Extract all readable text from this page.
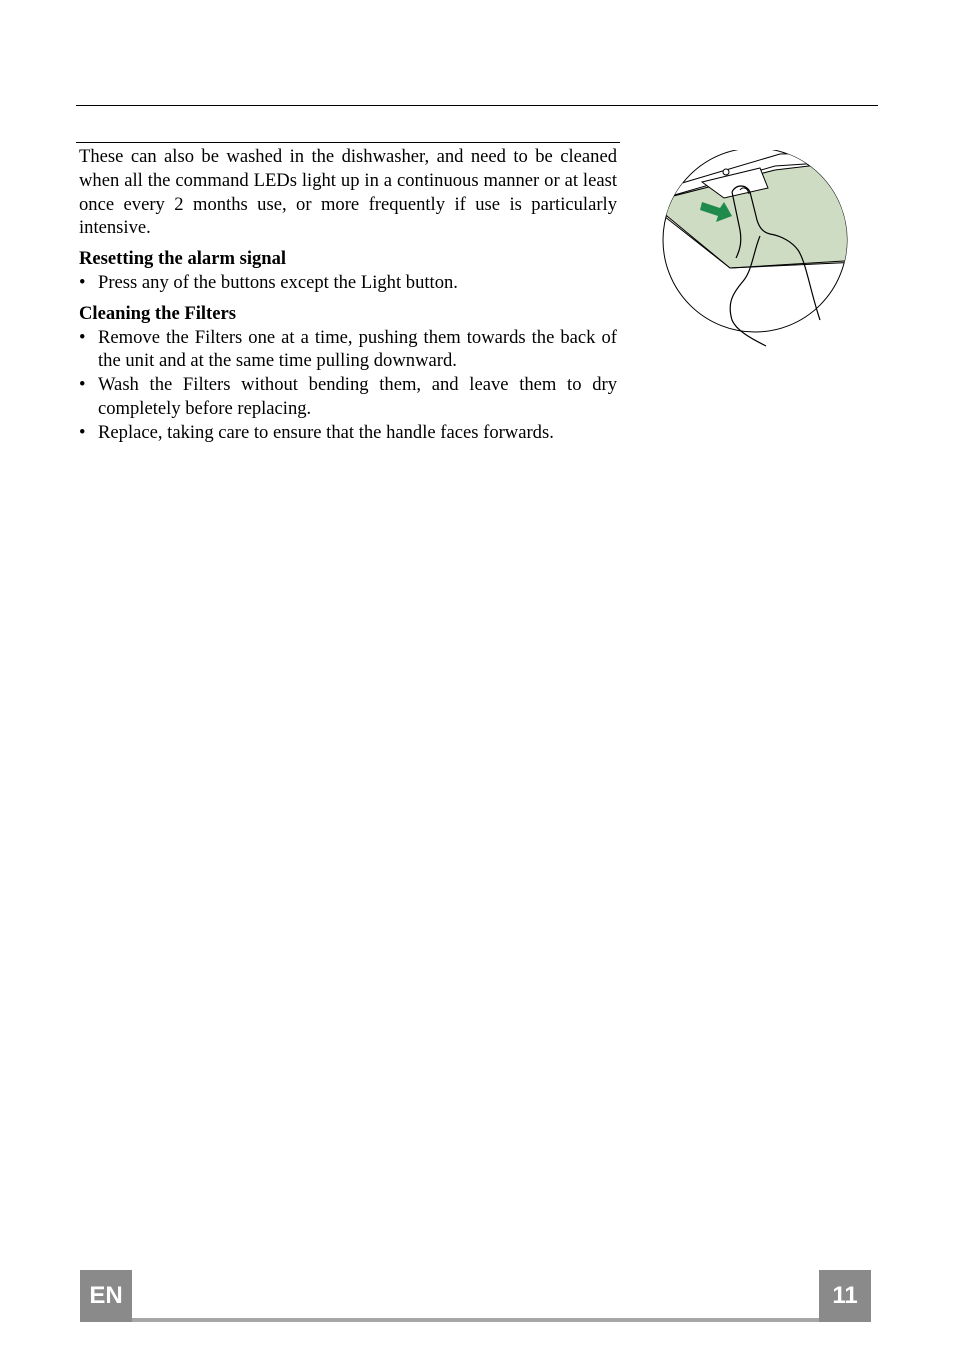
These can also be washed in the dishwasher, and need to be cleaned when all the command LEDs light up in a continuous manner or at least once every 2 months use, or more frequently if use is particularly intensive.

Resetting the alarm signal
• Press any of the buttons except the Light button.
Cleaning the Filters
• Remove the Filters one at a time, pushing them towards the back of the unit and at the same time pulling downward.
• Wash the Filters without bending them, and leave them to dry completely before replacing.
• Replace, taking care to ensure that the handle faces forwards.
EN	11
